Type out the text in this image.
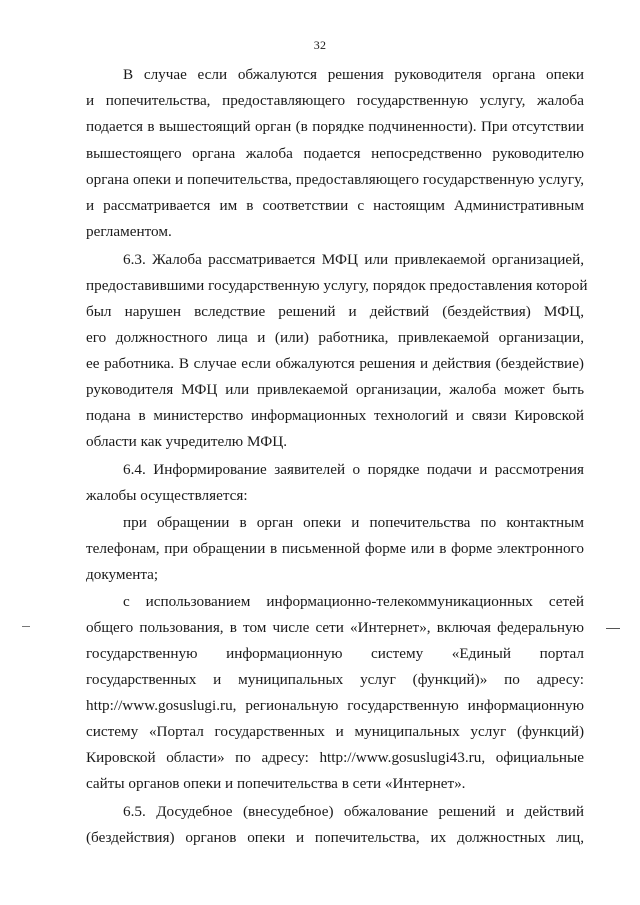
32
В случае если обжалуются решения руководителя органа опеки
и попечительства, предоставляющего государственную услугу, жалоба
подается в вышестоящий орган (в порядке подчиненности). При отсутствии
вышестоящего органа жалоба подается непосредственно руководителю
органа опеки и попечительства, предоставляющего государственную услугу,
и рассматривается им в соответствии с настоящим Административным
регламентом.
6.3. Жалоба рассматривается МФЦ или привлекаемой организацией,
предоставившими государственную услугу, порядок предоставления которой
был нарушен вследствие решений и действий (бездействия) МФЦ,
его должностного лица и (или) работника, привлекаемой организации,
ее работника. В случае если обжалуются решения и действия (бездействие)
руководителя МФЦ или привлекаемой организации, жалоба может быть
подана в министерство информационных технологий и связи Кировской
области как учредителю МФЦ.
6.4. Информирование заявителей о порядке подачи и рассмотрения
жалобы осуществляется:
при обращении в орган опеки и попечительства по контактным
телефонам, при обращении в письменной форме или в форме электронного
документа;
с использованием информационно-телекоммуникационных сетей
общего пользования, в том числе сети «Интернет», включая федеральную
государственную информационную систему «Единый портал
государственных и муниципальных услуг (функций)» по адресу:
http://www.gosuslugi.ru, региональную государственную информационную
систему «Портал государственных и муниципальных услуг (функций)
Кировской области» по адресу: http://www.gosuslugi43.ru, официальные
сайты органов опеки и попечительства в сети «Интернет».
6.5. Досудебное (внесудебное) обжалование решений и действий
(бездействия) органов опеки и попечительства, их должностных лиц,
